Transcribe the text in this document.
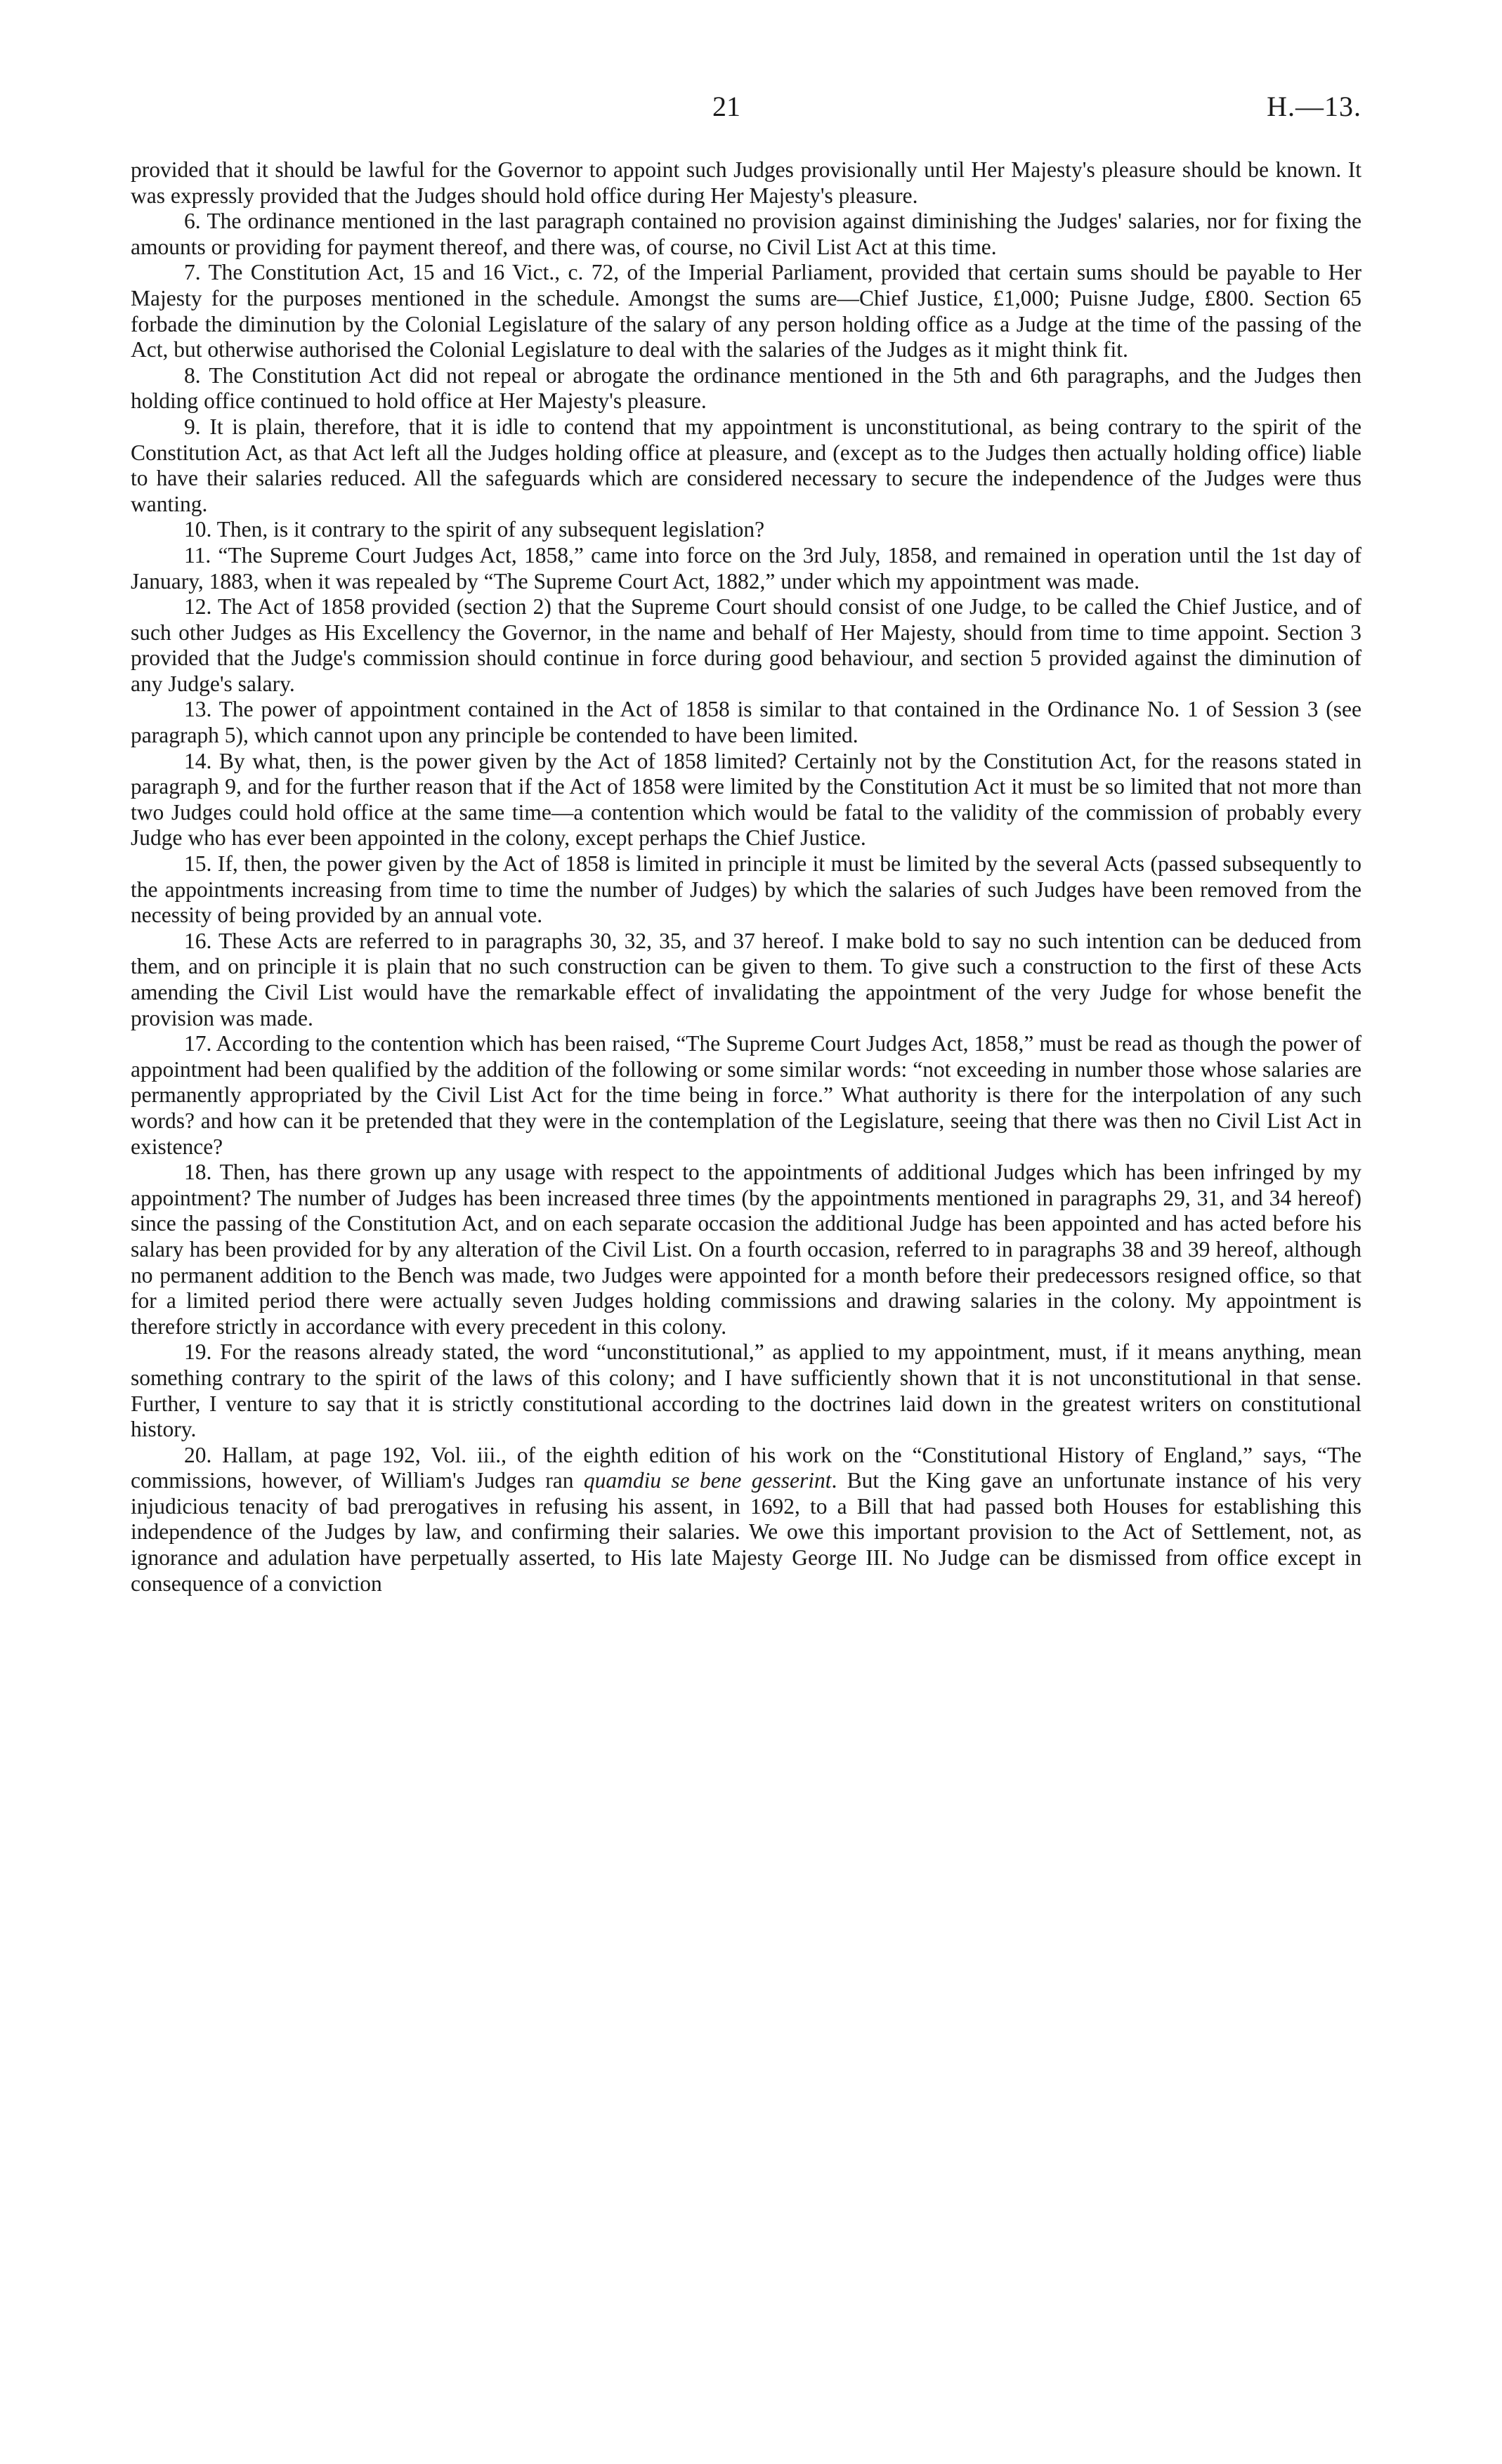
21	H.—13.

provided that it should be lawful for the Governor to appoint such Judges provisionally until Her Majesty's pleasure should be known. It was expressly provided that the Judges should hold office during Her Majesty's pleasure.

6. The ordinance mentioned in the last paragraph contained no provision against diminishing the Judges' salaries, nor for fixing the amounts or providing for payment thereof, and there was, of course, no Civil List Act at this time.

7. The Constitution Act, 15 and 16 Vict., c. 72, of the Imperial Parliament, provided that certain sums should be payable to Her Majesty for the purposes mentioned in the schedule. Amongst the sums are—Chief Justice, £1,000; Puisne Judge, £800. Section 65 forbade the diminution by the Colonial Legislature of the salary of any person holding office as a Judge at the time of the passing of the Act, but otherwise authorised the Colonial Legislature to deal with the salaries of the Judges as it might think fit.

8. The Constitution Act did not repeal or abrogate the ordinance mentioned in the 5th and 6th paragraphs, and the Judges then holding office continued to hold office at Her Majesty's pleasure.

9. It is plain, therefore, that it is idle to contend that my appointment is unconstitutional, as being contrary to the spirit of the Constitution Act, as that Act left all the Judges holding office at pleasure, and (except as to the Judges then actually holding office) liable to have their salaries reduced. All the safeguards which are considered necessary to secure the independence of the Judges were thus wanting.

10. Then, is it contrary to the spirit of any subsequent legislation?

11. “The Supreme Court Judges Act, 1858,” came into force on the 3rd July, 1858, and remained in operation until the 1st day of January, 1883, when it was repealed by “The Supreme Court Act, 1882,” under which my appointment was made.

12. The Act of 1858 provided (section 2) that the Supreme Court should consist of one Judge, to be called the Chief Justice, and of such other Judges as His Excellency the Governor, in the name and behalf of Her Majesty, should from time to time appoint. Section 3 provided that the Judge's commission should continue in force during good behaviour, and section 5 provided against the diminution of any Judge's salary.

13. The power of appointment contained in the Act of 1858 is similar to that contained in the Ordinance No. 1 of Session 3 (see paragraph 5), which cannot upon any principle be contended to have been limited.

14. By what, then, is the power given by the Act of 1858 limited? Certainly not by the Constitution Act, for the reasons stated in paragraph 9, and for the further reason that if the Act of 1858 were limited by the Constitution Act it must be so limited that not more than two Judges could hold office at the same time—a contention which would be fatal to the validity of the commission of probably every Judge who has ever been appointed in the colony, except perhaps the Chief Justice.

15. If, then, the power given by the Act of 1858 is limited in principle it must be limited by the several Acts (passed subsequently to the appointments increasing from time to time the number of Judges) by which the salaries of such Judges have been removed from the necessity of being provided by an annual vote.

16. These Acts are referred to in paragraphs 30, 32, 35, and 37 hereof. I make bold to say no such intention can be deduced from them, and on principle it is plain that no such construction can be given to them. To give such a construction to the first of these Acts amending the Civil List would have the remarkable effect of invalidating the appointment of the very Judge for whose benefit the provision was made.

17. According to the contention which has been raised, “The Supreme Court Judges Act, 1858,” must be read as though the power of appointment had been qualified by the addition of the following or some similar words: “not exceeding in number those whose salaries are permanently appropriated by the Civil List Act for the time being in force.” What authority is there for the interpolation of any such words? and how can it be pretended that they were in the contemplation of the Legislature, seeing that there was then no Civil List Act in existence?

18. Then, has there grown up any usage with respect to the appointments of additional Judges which has been infringed by my appointment? The number of Judges has been increased three times (by the appointments mentioned in paragraphs 29, 31, and 34 hereof) since the passing of the Constitution Act, and on each separate occasion the additional Judge has been appointed and has acted before his salary has been provided for by any alteration of the Civil List. On a fourth occasion, referred to in paragraphs 38 and 39 hereof, although no permanent addition to the Bench was made, two Judges were appointed for a month before their predecessors resigned office, so that for a limited period there were actually seven Judges holding commissions and drawing salaries in the colony. My appointment is therefore strictly in accordance with every precedent in this colony.

19. For the reasons already stated, the word “unconstitutional,” as applied to my appointment, must, if it means anything, mean something contrary to the spirit of the laws of this colony; and I have sufficiently shown that it is not unconstitutional in that sense. Further, I venture to say that it is strictly constitutional according to the doctrines laid down in the greatest writers on constitutional history.

20. Hallam, at page 192, Vol. iii., of the eighth edition of his work on the “Constitutional History of England,” says, “The commissions, however, of William's Judges ran quamdiu se bene gesserint. But the King gave an unfortunate instance of his very injudicious tenacity of bad prerogatives in refusing his assent, in 1692, to a Bill that had passed both Houses for establishing this independence of the Judges by law, and confirming their salaries. We owe this important provision to the Act of Settlement, not, as ignorance and adulation have perpetually asserted, to His late Majesty George III. No Judge can be dismissed from office except in consequence of a conviction
